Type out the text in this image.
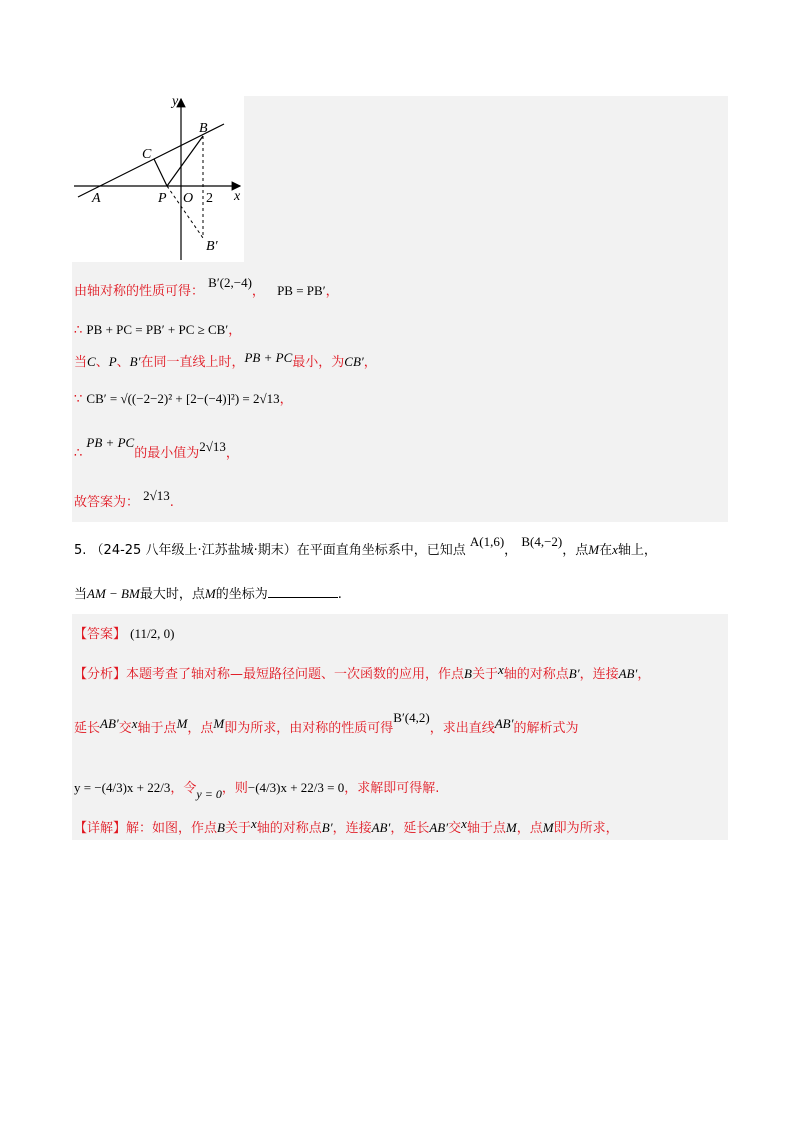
y
x
B
C
A	P O 2
B′
由轴对称的性质可得： B′(2,−4)， PB = PB′，
∴ PB + PC = PB′ + PC ≥ CB′，
当C、P、B′在同一直线上时，PB + PC最小，为CB′，
∵ CB′ = √((−2−2)² + [2−(−4)]²) = 2√13，
∴ PB + PC的最小值为2√13，
故答案为： 2√13.
5. （24-25 八年级上·江苏盐城·期末）在平面直角坐标系中，已知点 A(1,6)， B(4,−2)，点M在x轴上，
当AM − BM最大时，点M的坐标为	.
【答案】 (11/2, 0)
【分析】本题考查了轴对称—最短路径问题、一次函数的应用，作点B关于x轴的对称点B′，连接AB′，
延长AB′交x轴于点M，点M即为所求，由对称的性质可得B′(4,2)，求出直线AB′的解析式为
y = −(4/3)x + 22/3，令y = 0，则−(4/3)x + 22/3 = 0，求解即可得解.
【详解】解：如图，作点B关于x轴的对称点B′，连接AB′，延长AB′交x轴于点M，点M即为所求，
